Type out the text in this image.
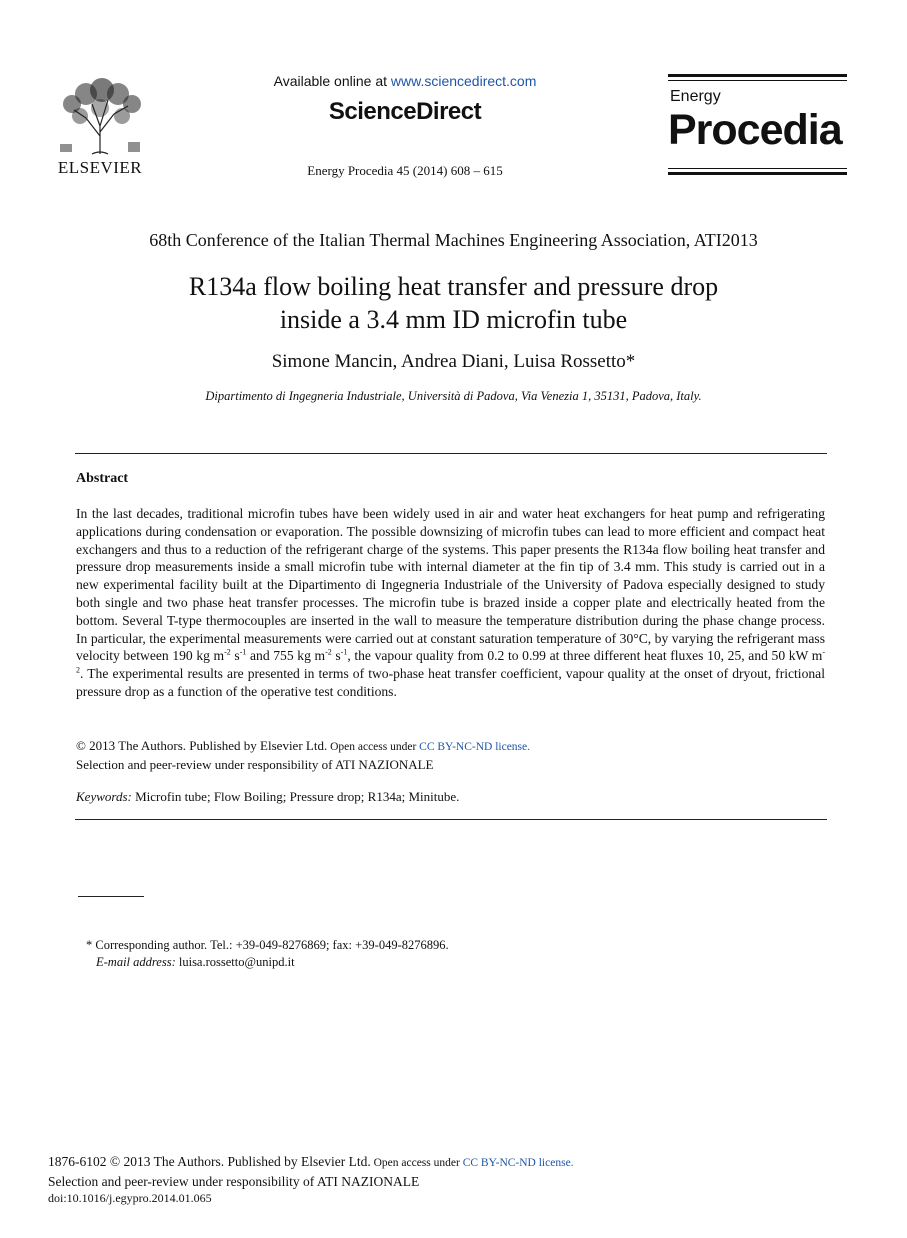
ELSEVIER
Available online at www.sciencedirect.com
ScienceDirect
Energy Procedia 45 (2014) 608 – 615
Energy
Procedia
68th Conference of the Italian Thermal Machines Engineering Association, ATI2013
R134a flow boiling heat transfer and pressure drop
inside a 3.4 mm ID microfin tube
Simone Mancin, Andrea Diani, Luisa Rossetto*
Dipartimento di Ingegneria Industriale, Università di Padova, Via Venezia 1, 35131, Padova, Italy.
Abstract
In the last decades, traditional microfin tubes have been widely used in air and water heat exchangers for heat pump and refrigerating applications during condensation or evaporation. The possible downsizing of microfin tubes can lead to more efficient and compact heat exchangers and thus to a reduction of the refrigerant charge of the systems. This paper presents the R134a flow boiling heat transfer and pressure drop measurements inside a small microfin tube with internal diameter at the fin tip of 3.4 mm. This study is carried out in a new experimental facility built at the Dipartimento di Ingegneria Industriale of the University of Padova especially designed to study both single and two phase heat transfer processes. The microfin tube is brazed inside a copper plate and electrically heated from the bottom. Several T-type thermocouples are inserted in the wall to measure the temperature distribution during the phase change process. In particular, the experimental measurements were carried out at constant saturation temperature of 30°C, by varying the refrigerant mass velocity between 190 kg $m^{-2}$ $s^{-1}$ and 755 kg $m^{-2}$ $s^{-1}$, the vapour quality from 0.2 to 0.99 at three different heat fluxes 10, 25, and 50 kW $m^{-2}$. The experimental results are presented in terms of two-phase heat transfer coefficient, vapour quality at the onset of dryout, frictional pressure drop as a function of the operative test conditions.
© 2013 The Authors. Published by Elsevier Ltd. Open access under CC BY-NC-ND license.
Selection and peer-review under responsibility of ATI NAZIONALE
Keywords: Microfin tube; Flow Boiling; Pressure drop; R134a; Minitube.
* Corresponding author. Tel.: +39-049-8276869; fax: +39-049-8276896.
E-mail address: luisa.rossetto@unipd.it
1876-6102 © 2013 The Authors. Published by Elsevier Ltd. Open access under CC BY-NC-ND license.
Selection and peer-review under responsibility of ATI NAZIONALE
doi:10.1016/j.egypro.2014.01.065
